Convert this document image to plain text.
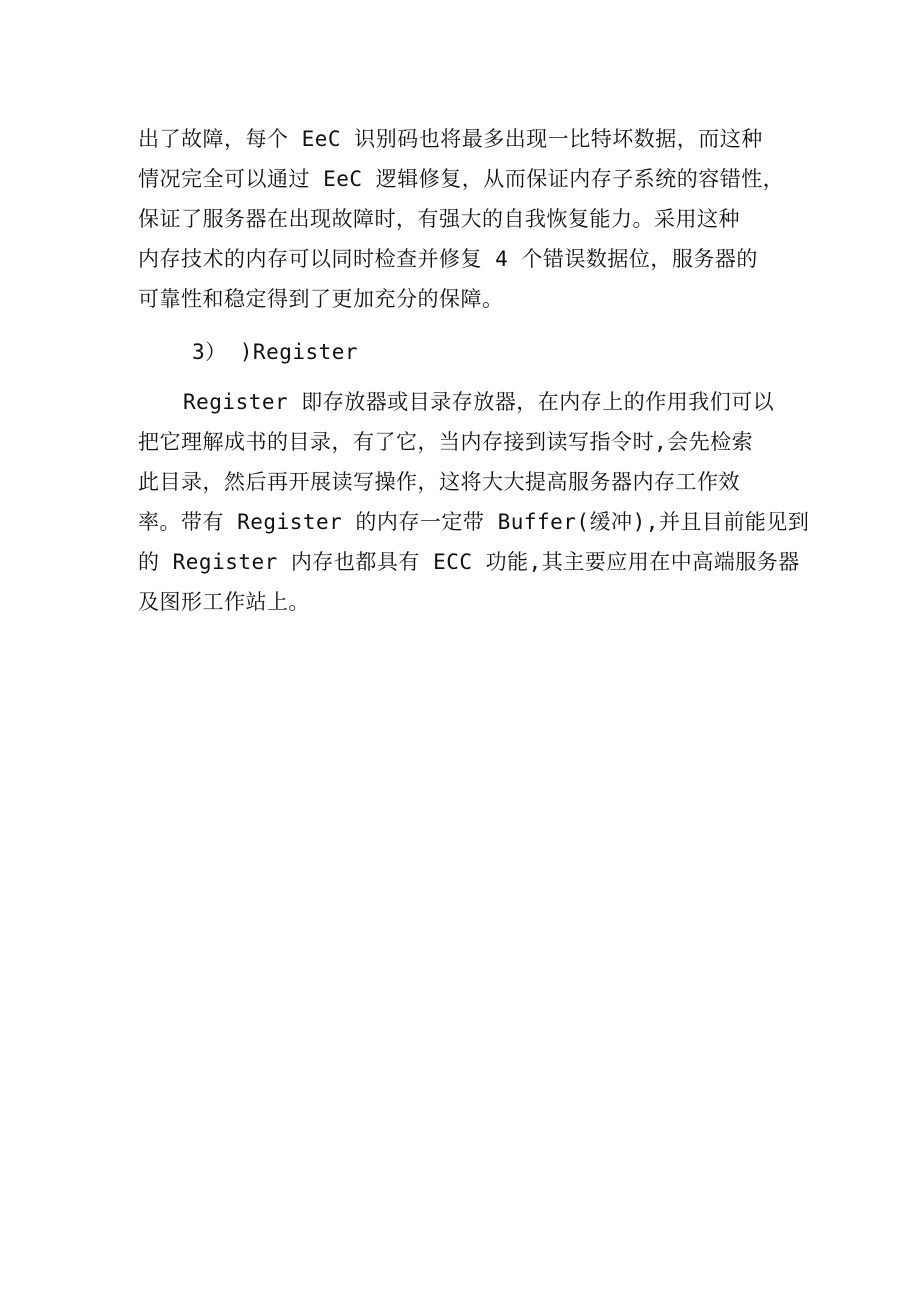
出了故障，每个 EeC 识别码也将最多出现一比特坏数据，而这种
情况完全可以通过 EeC 逻辑修复，从而保证内存子系统的容错性，
保证了服务器在出现故障时，有强大的自我恢复能力。采用这种
内存技术的内存可以同时检查并修复 4 个错误数据位，服务器的
可靠性和稳定得到了更加充分的保障。
3） )Register
Register 即存放器或目录存放器，在内存上的作用我们可以
把它理解成书的目录，有了它，当内存接到读写指令时,会先检索
此目录，然后再开展读写操作，这将大大提高服务器内存工作效
率。带有 Register 的内存一定带 Buffer(缓冲),并且目前能见到
的 Register 内存也都具有 ECC 功能,其主要应用在中高端服务器
及图形工作站上。
